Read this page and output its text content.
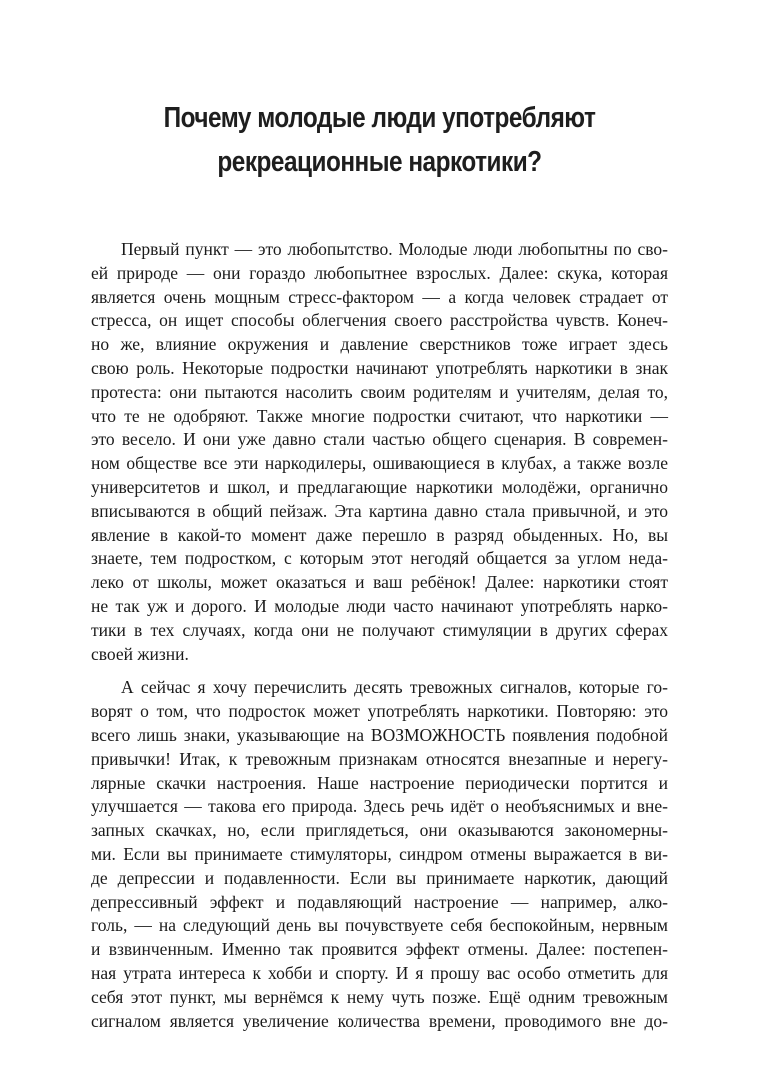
Почему молодые люди употребляют
рекреационные наркотики?

Первый пункт — это любопытство. Молодые люди любопытны по сво-
ей природе — они гораздо любопытнее взрослых. Далее: скука, которая
является очень мощным стресс-фактором — а когда человек страдает от
стресса, он ищет способы облегчения своего расстройства чувств. Конеч-
но же, влияние окружения и давление сверстников тоже играет здесь
свою роль. Некоторые подростки начинают употреблять наркотики в знак
протеста: они пытаются насолить своим родителям и учителям, делая то,
что те не одобряют. Также многие подростки считают, что наркотики —
это весело. И они уже давно стали частью общего сценария. В современ-
ном обществе все эти наркодилеры, ошивающиеся в клубах, а также возле
университетов и школ, и предлагающие наркотики молодёжи, органично
вписываются в общий пейзаж. Эта картина давно стала привычной, и это
явление в какой-то момент даже перешло в разряд обыденных. Но, вы
знаете, тем подростком, с которым этот негодяй общается за углом неда-
леко от школы, может оказаться и ваш ребёнок! Далее: наркотики стоят
не так уж и дорого. И молодые люди часто начинают употреблять нарко-
тики в тех случаях, когда они не получают стимуляции в других сферах
своей жизни.

А сейчас я хочу перечислить десять тревожных сигналов, которые го-
ворят о том, что подросток может употреблять наркотики. Повторяю: это
всего лишь знаки, указывающие на ВОЗМОЖНОСТЬ появления подобной
привычки! Итак, к тревожным признакам относятся внезапные и нерегу-
лярные скачки настроения. Наше настроение периодически портится и
улучшается — такова его природа. Здесь речь идёт о необъяснимых и вне-
запных скачках, но, если приглядеться, они оказываются закономерны-
ми. Если вы принимаете стимуляторы, синдром отмены выражается в ви-
де депрессии и подавленности. Если вы принимаете наркотик, дающий
депрессивный эффект и подавляющий настроение — например, алко-
голь, — на следующий день вы почувствуете себя беспокойным, нервным
и взвинченным. Именно так проявится эффект отмены. Далее: постепен-
ная утрата интереса к хобби и спорту. И я прошу вас особо отметить для
себя этот пункт, мы вернёмся к нему чуть позже. Ещё одним тревожным
сигналом является увеличение количества времени, проводимого вне до-
